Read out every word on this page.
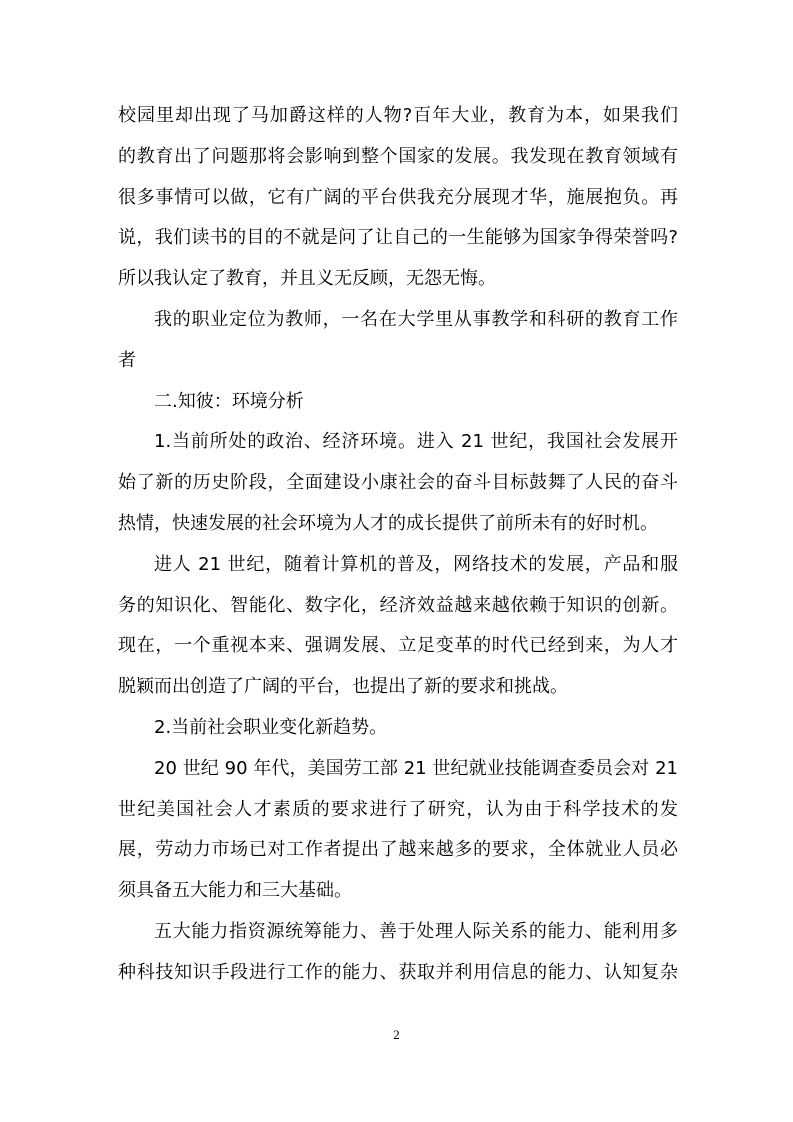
校园里却出现了马加爵这样的人物?百年大业，教育为本，如果我们
的教育出了问题那将会影响到整个国家的发展。我发现在教育领域有
很多事情可以做，它有广阔的平台供我充分展现才华，施展抱负。再
说，我们读书的目的不就是问了让自己的一生能够为国家争得荣誉吗?
所以我认定了教育，并且义无反顾，无怨无悔。
我的职业定位为教师，一名在大学里从事教学和科研的教育工作
者
二.知彼：环境分析
1.当前所处的政治、经济环境。进入 21 世纪，我国社会发展开
始了新的历史阶段，全面建设小康社会的奋斗目标鼓舞了人民的奋斗
热情，快速发展的社会环境为人才的成长提供了前所未有的好时机。
进人 21 世纪，随着计算机的普及，网络技术的发展，产品和服
务的知识化、智能化、数字化，经济效益越来越依赖于知识的创新。
现在，一个重视本来、强调发展、立足变革的时代已经到来，为人才
脱颖而出创造了广阔的平台，也提出了新的要求和挑战。
2.当前社会职业变化新趋势。
20 世纪 90 年代，美国劳工部 21 世纪就业技能调查委员会对 21
世纪美国社会人才素质的要求进行了研究，认为由于科学技术的发
展，劳动力市场已对工作者提出了越来越多的要求，全体就业人员必
须具备五大能力和三大基础。
五大能力指资源统筹能力、善于处理人际关系的能力、能利用多
种科技知识手段进行工作的能力、获取并利用信息的能力、认知复杂
2
